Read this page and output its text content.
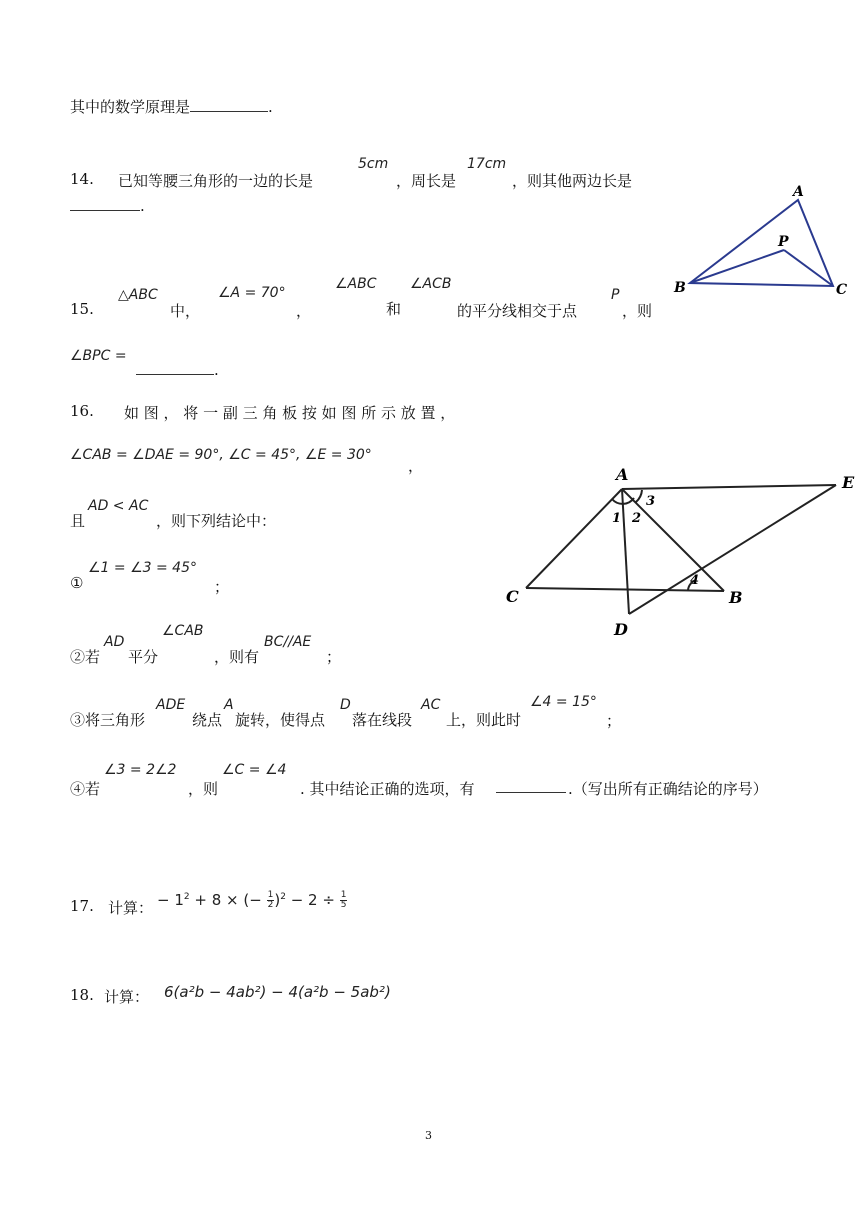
其中的数学原理是	.
14. 已知等腰三角形的一边的长是
5cm
，周长是
17cm
，则其他两边长是
.
A
B	C
P
15.
△ABC
中，
∠A = 70°
，
∠ABC
和
∠ACB
的平分线相交于点
P
，则
∠BPC =
.
16. 如 图 ， 将 一 副 三 角 板 按 如 图 所 示 放 置 ，
∠CAB = ∠DAE = 90°, ∠C = 45°, ∠E = 30°
，
且
AD < AC
，则下列结论中：
①
∠1 = ∠3 = 45°
；
②若
AD
平分
∠CAB
，则有
BC//AE
；
③将三角形
ADE
绕点
A
旋转，使得点
D
落在线段
AC
上，则此时
∠4 = 15°
；
④若
∠3 = 2∠2
，则
∠C = ∠4
. 其中结论正确的选项，有	.（写出所有正确结论的序号）
A	E
C	B
D
1 2
3
4
17. 计算： − $1^2 + 8$ × (− $\frac{1}{2} )^2 - 2 \div \frac{1}{5}$
18. 计算： 6(a²b − 4ab²) − 4(a²b − 5ab²)
3
